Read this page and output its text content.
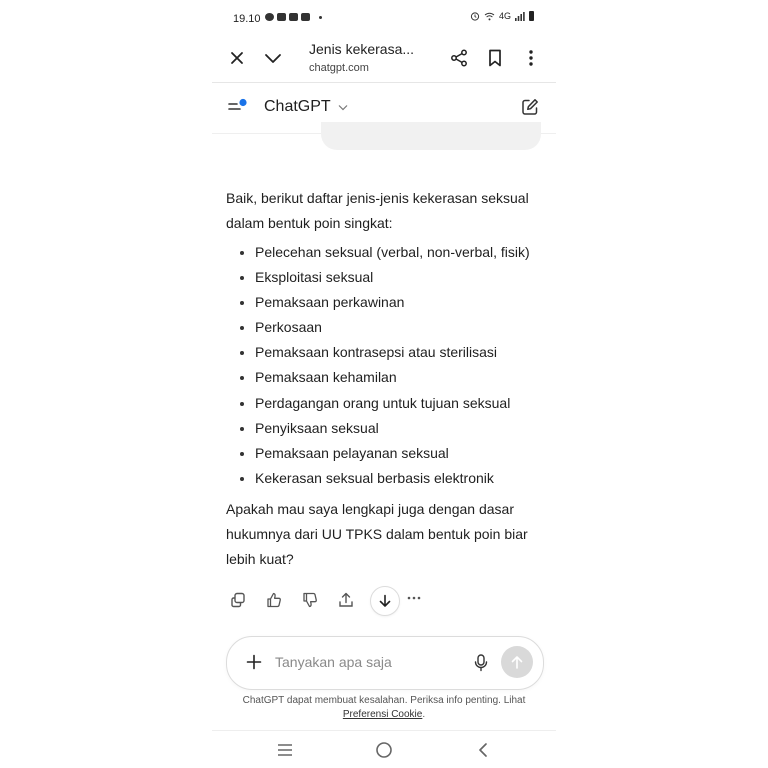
19.10	4G
Jenis kekerasa...
chatgpt.com
ChatGPT

Baik, berikut daftar jenis-jenis kekerasan seksual dalam bentuk poin singkat:

• Pelecehan seksual (verbal, non-verbal, fisik)
• Eksploitasi seksual
• Pemaksaan perkawinan
• Perkosaan
• Pemaksaan kontrasepsi atau sterilisasi
• Pemaksaan kehamilan
• Perdagangan orang untuk tujuan seksual
• Penyiksaan seksual
• Pemaksaan pelayanan seksual
• Kekerasan seksual berbasis elektronik

Apakah mau saya lengkapi juga dengan dasar hukumnya dari UU TPKS dalam bentuk poin biar lebih kuat?

Tanyakan apa saja
ChatGPT dapat membuat kesalahan. Periksa info penting. Lihat
Preferensi Cookie.
